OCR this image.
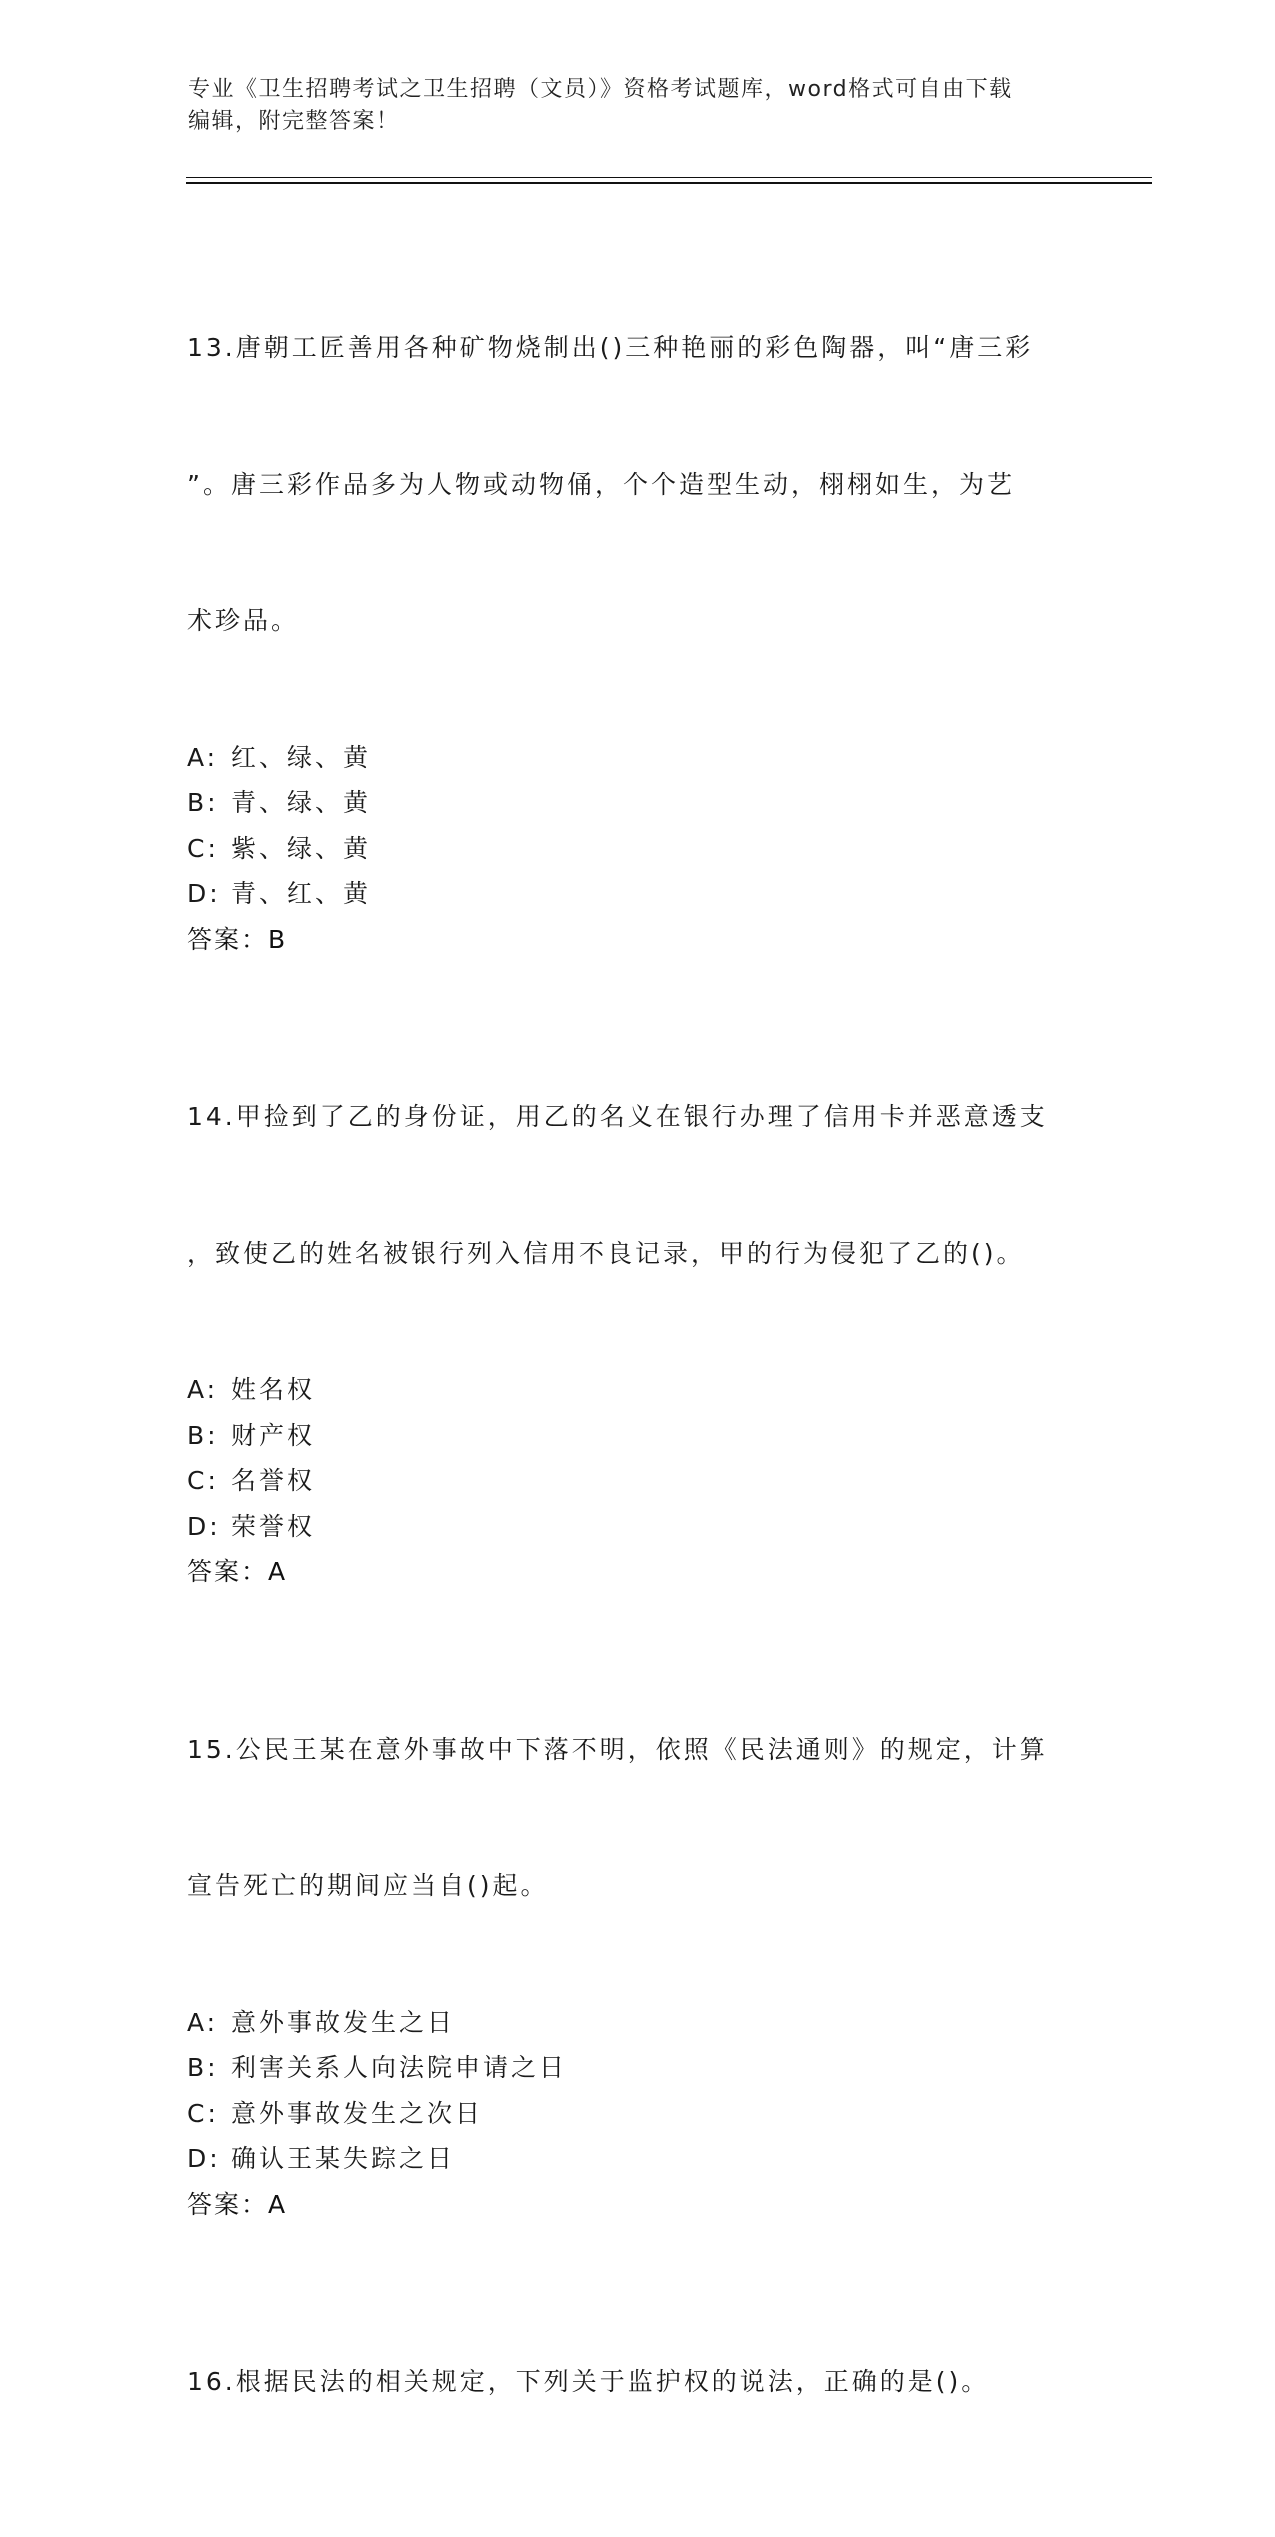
专业《卫生招聘考试之卫生招聘（文员）》资格考试题库，word格式可自由下载

编辑，附完整答案！

13.唐朝工匠善用各种矿物烧制出()三种艳丽的彩色陶器，叫“唐三彩

”。唐三彩作品多为人物或动物俑，个个造型生动，栩栩如生，为艺

术珍品。

A: 红、绿、黄
B: 青、绿、黄
C: 紫、绿、黄
D: 青、红、黄
答案：B

14.甲捡到了乙的身份证，用乙的名义在银行办理了信用卡并恶意透支

，致使乙的姓名被银行列入信用不良记录，甲的行为侵犯了乙的()。

A: 姓名权
B: 财产权
C: 名誉权
D: 荣誉权
答案：A

15.公民王某在意外事故中下落不明，依照《民法通则》的规定，计算

宣告死亡的期间应当自()起。

A: 意外事故发生之日
B: 利害关系人向法院申请之日
C: 意外事故发生之次日
D: 确认王某失踪之日
答案：A

16.根据民法的相关规定，下列关于监护权的说法，正确的是()。
